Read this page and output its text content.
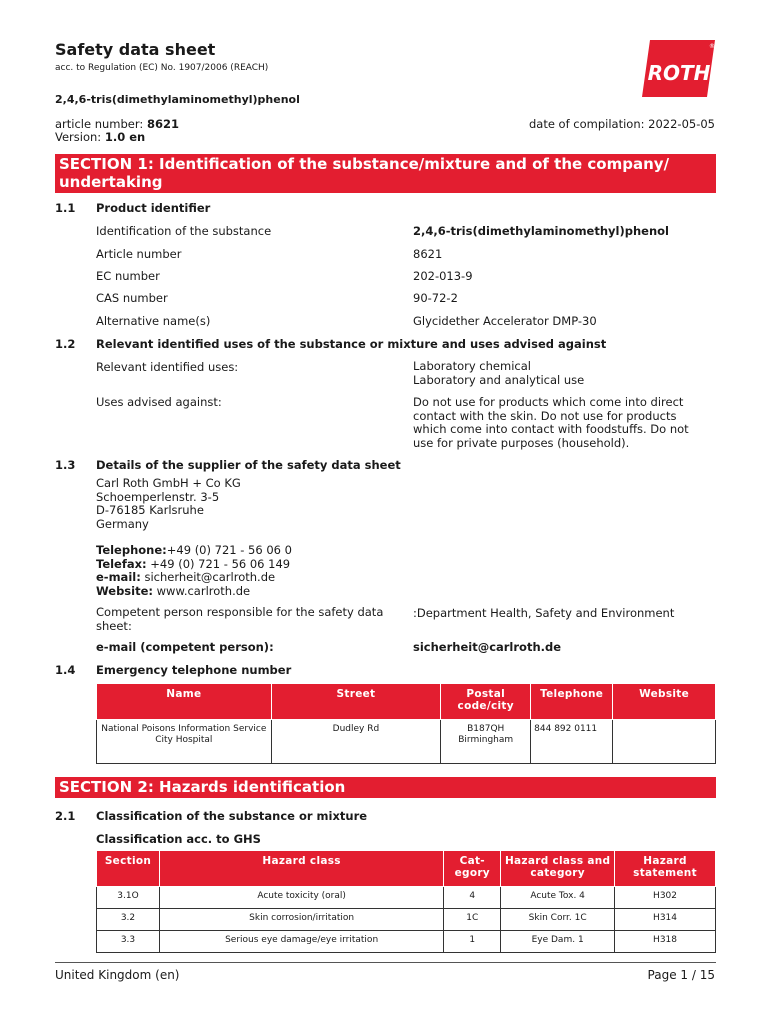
Safety data sheet
acc. to Regulation (EC) No. 1907/2006 (REACH)	ROTH
®
2,4,6-tris(dimethylaminomethyl)phenol
article number: 8621
Version: 1.0 en
date of compilation: 2022-05-05
SECTION 1: Identification of the substance/mixture and of the company/
undertaking
1.1 Product identifier
Identification of the substance	2,4,6-tris(dimethylaminomethyl)phenol
Article number	8621
EC number	202-013-9
CAS number	90-72-2
Alternative name(s)	Glycidether Accelerator DMP-30
1.2 Relevant identified uses of the substance or mixture and uses advised against
Relevant identified uses:	Laboratory chemical
Laboratory and analytical use
Uses advised against:	Do not use for products which come into direct
contact with the skin. Do not use for products
which come into contact with foodstuffs. Do not
use for private purposes (household).
1.3 Details of the supplier of the safety data sheet
Carl Roth GmbH + Co KG
Schoemperlenstr. 3-5
D-76185 Karlsruhe
Germany
Telephone:+49 (0) 721 - 56 06 0
Telefax: +49 (0) 721 - 56 06 149
e-mail: sicherheit@carlroth.de
Website: www.carlroth.de
Competent person responsible for the safety data
sheet:
:Department Health, Safety and Environment
e-mail (competent person):	sicherheit@carlroth.de
1.4 Emergency telephone number
Name	Street	Postal code/city	Telephone	Website
National Poisons Information Service City Hospital	Dudley Rd	B187QH Birmingham	844 892 0111	
SECTION 2: Hazards identification
2.1 Classification of the substance or mixture
Classification acc. to GHS
Section	Hazard class	Cat-egory	Hazard class and category	Hazard statement
3.1O	Acute toxicity (oral)	4	Acute Tox. 4	H302
3.2	Skin corrosion/irritation	1C	Skin Corr. 1C	H314
3.3	Serious eye damage/eye irritation	1	Eye Dam. 1	H318
United Kingdom (en)	Page 1 / 15
